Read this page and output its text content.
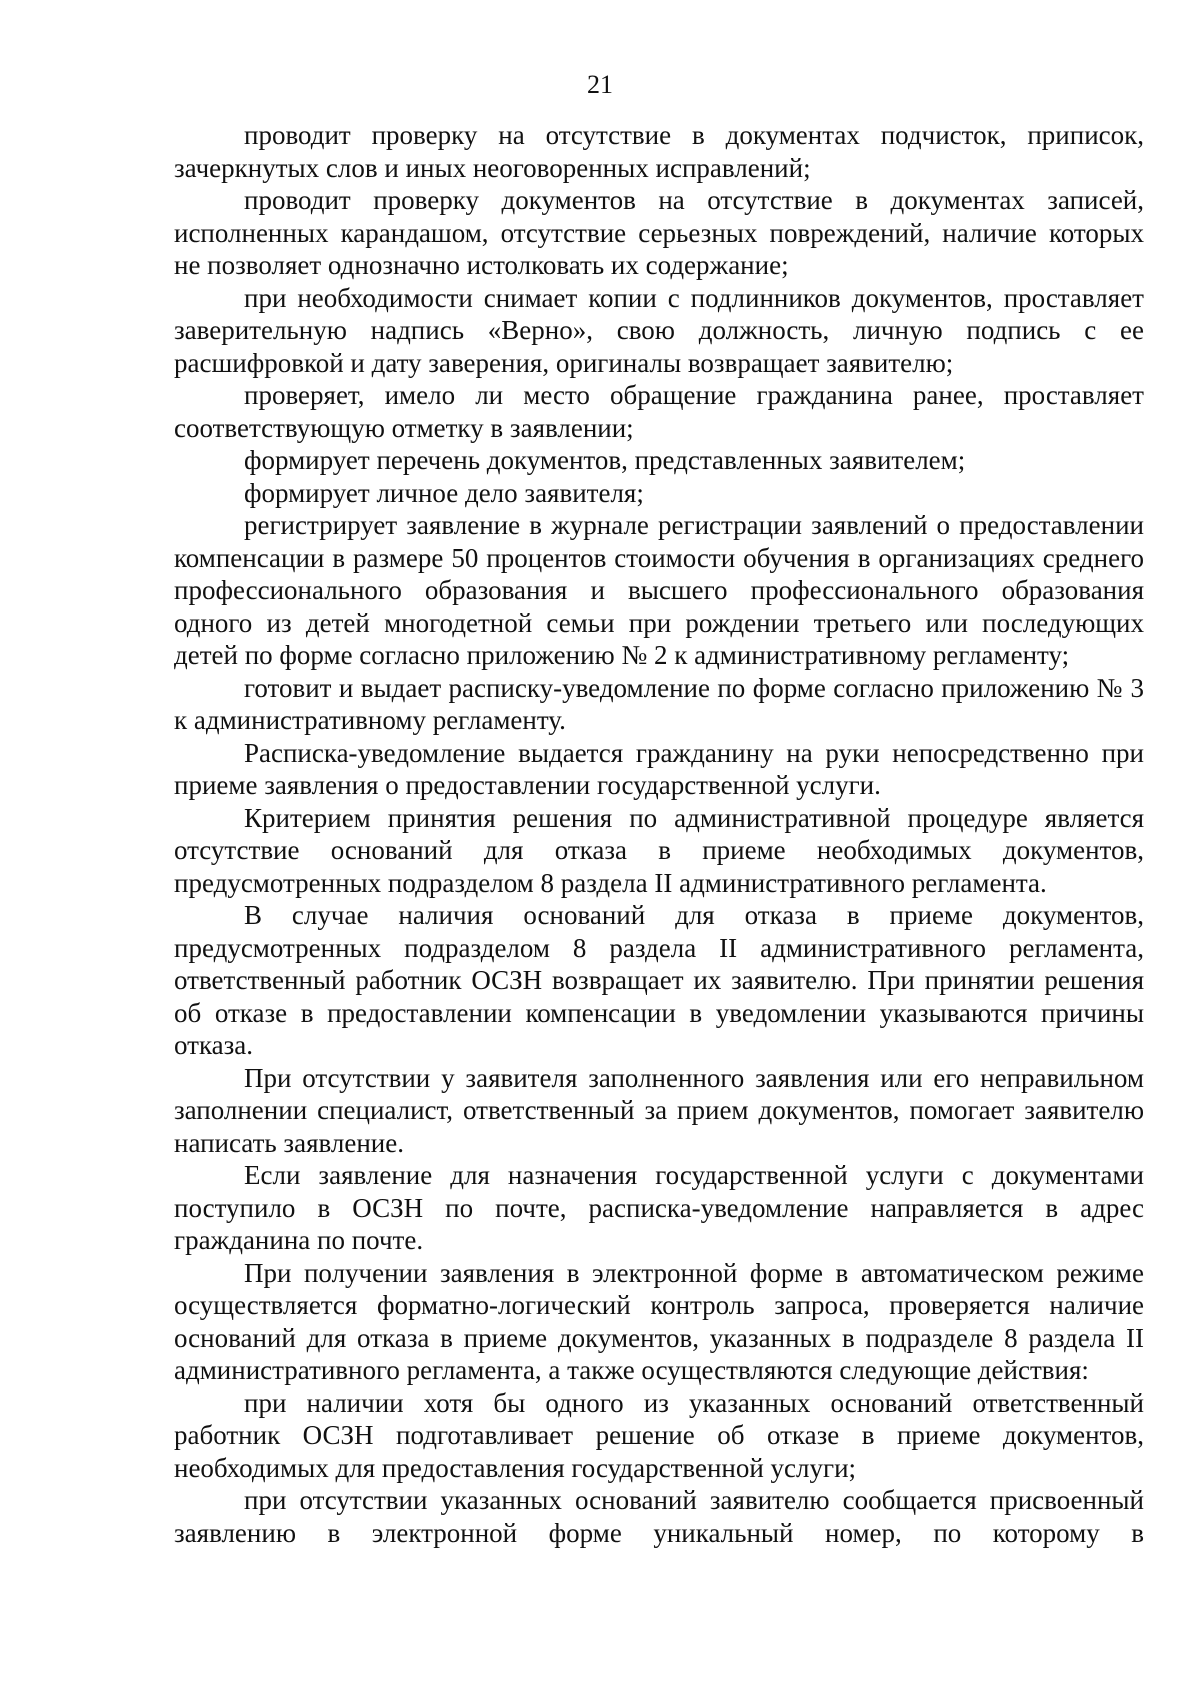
21

проводит проверку на отсутствие в документах подчисток, приписок, зачеркнутых слов и иных неоговоренных исправлений;

проводит проверку документов на отсутствие в документах записей, исполненных карандашом, отсутствие серьезных повреждений, наличие которых не позволяет однозначно истолковать их содержание;

при необходимости снимает копии с подлинников документов, проставляет заверительную надпись «Верно», свою должность, личную подпись с ее расшифровкой и дату заверения, оригиналы возвращает заявителю;

проверяет, имело ли место обращение гражданина ранее, проставляет соответствующую отметку в заявлении;

формирует перечень документов, представленных заявителем;

формирует личное дело заявителя;

регистрирует заявление в журнале регистрации заявлений о предоставлении компенсации в размере 50 процентов стоимости обучения в организациях среднего профессионального образования и высшего профессионального образования одного из детей многодетной семьи при рождении третьего или последующих детей по форме согласно приложению № 2 к административному регламенту;

готовит и выдает расписку-уведомление по форме согласно приложению № 3 к административному регламенту.

Расписка-уведомление выдается гражданину на руки непосредственно при приеме заявления о предоставлении государственной услуги.

Критерием принятия решения по административной процедуре является отсутствие оснований для отказа в приеме необходимых документов, предусмотренных подразделом 8 раздела II административного регламента.

В случае наличия оснований для отказа в приеме документов, предусмотренных подразделом 8 раздела II административного регламента, ответственный работник ОСЗН возвращает их заявителю. При принятии решения об отказе в предоставлении компенсации в уведомлении указываются причины отказа.

При отсутствии у заявителя заполненного заявления или его неправильном заполнении специалист, ответственный за прием документов, помогает заявителю написать заявление.

Если заявление для назначения государственной услуги с документами поступило в ОСЗН по почте, расписка-уведомление направляется в адрес гражданина по почте.

При получении заявления в электронной форме в автоматическом режиме осуществляется форматно-логический контроль запроса, проверяется наличие оснований для отказа в приеме документов, указанных в подразделе 8 раздела II административного регламента, а также осуществляются следующие действия:

при наличии хотя бы одного из указанных оснований ответственный работник ОСЗН подготавливает решение об отказе в приеме документов, необходимых для предоставления государственной услуги;

при отсутствии указанных оснований заявителю сообщается присвоенный заявлению в электронной форме уникальный номер, по которому в
